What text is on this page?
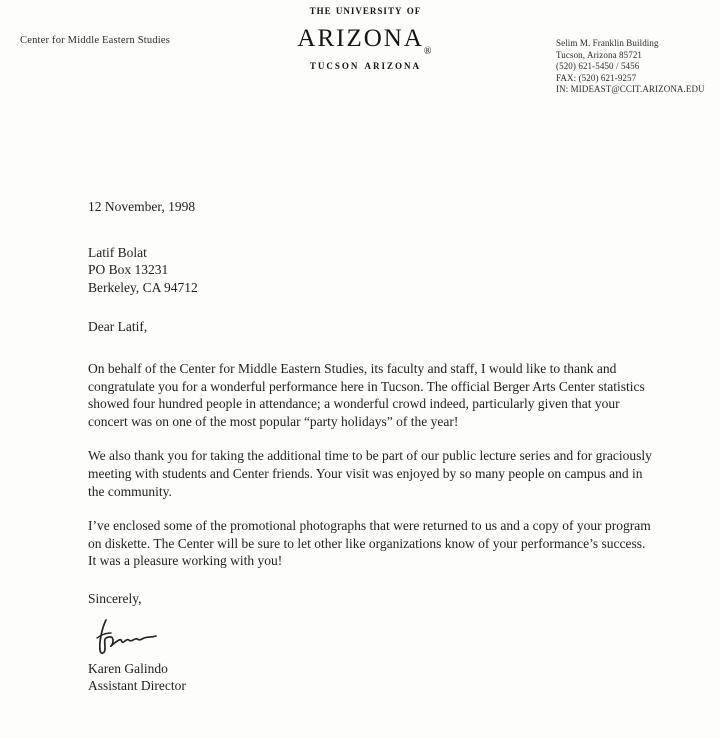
Center for Middle Eastern Studies
the university of
arizona$_®$
tucson arizona
Selim M. Franklin Building
Tucson, Arizona 85721
(520) 621-5450 / 5456
FAX: (520) 621-9257
IN: MIDEAST@CCIT.ARIZONA.EDU
12 November, 1998
Latif Bolat
PO Box 13231
Berkeley, CA 94712
Dear Latif,

On behalf of the Center for Middle Eastern Studies, its faculty and staff, I would like to thank and congratulate you for a wonderful performance here in Tucson. The official Berger Arts Center statistics showed four hundred people in attendance; a wonderful crowd indeed, particularly given that your concert was on one of the most popular “party holidays” of the year!

We also thank you for taking the additional time to be part of our public lecture series and for graciously meeting with students and Center friends. Your visit was enjoyed by so many people on campus and in the community.

I’ve enclosed some of the promotional photographs that were returned to us and a copy of your program on diskette. The Center will be sure to let other like organizations know of your performance’s success. It was a pleasure working with you!

Sincerely,
Karen Galindo
Assistant Director
